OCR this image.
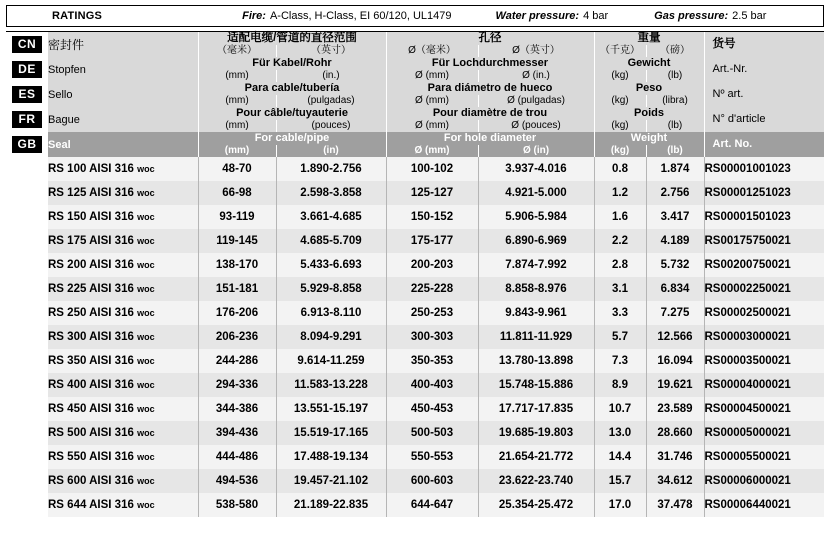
RATINGS	Fire: A-Class, H-Class, EI 60/120, UL1479	Water pressure: 4 bar	Gas pressure: 2.5 bar
CN	密封件	适配电缆/管道的直径范围		孔径		重量		货号
		（毫米）	（英寸）	Ø（毫米）	Ø（英寸）	（千克）	（磅）	
DE	Stopfen	Für Kabel/Rohr		Für Lochdurchmesser		Gewicht		Art.-Nr.
		(mm)	(in.)	Ø (mm)	Ø (in.)	(kg)	(lb)	
ES	Sello	Para cable/tubería		Para diámetro de hueco		Peso		Nº art.
		(mm)	(pulgadas)	Ø (mm)	Ø (pulgadas)	(kg)	(libra)	
FR	Bague	Pour câble/tuyauterie		Pour diamètre de trou		Poids		N° d'article
		(mm)	(pouces)	Ø (mm)	Ø (pouces)	(kg)	(lb)	
GB	Seal	For cable/pipe		For hole diameter		Weight		Art. No.
		(mm)	(in)	Ø (mm)	Ø (in)	(kg)	(lb)	
	RS 100 AISI 316 woc	48-70	1.890-2.756	100-102	3.937-4.016	0.8	1.874	RS00001001023
	RS 125 AISI 316 woc	66-98	2.598-3.858	125-127	4.921-5.000	1.2	2.756	RS00001251023
	RS 150 AISI 316 woc	93-119	3.661-4.685	150-152	5.906-5.984	1.6	3.417	RS00001501023
	RS 175 AISI 316 woc	119-145	4.685-5.709	175-177	6.890-6.969	2.2	4.189	RS00175750021
	RS 200 AISI 316 woc	138-170	5.433-6.693	200-203	7.874-7.992	2.8	5.732	RS00200750021
	RS 225 AISI 316 woc	151-181	5.929-8.858	225-228	8.858-8.976	3.1	6.834	RS00002250021
	RS 250 AISI 316 woc	176-206	6.913-8.110	250-253	9.843-9.961	3.3	7.275	RS00002500021
	RS 300 AISI 316 woc	206-236	8.094-9.291	300-303	11.811-11.929	5.7	12.566	RS00003000021
	RS 350 AISI 316 woc	244-286	9.614-11.259	350-353	13.780-13.898	7.3	16.094	RS00003500021
	RS 400 AISI 316 woc	294-336	11.583-13.228	400-403	15.748-15.886	8.9	19.621	RS00004000021
	RS 450 AISI 316 woc	344-386	13.551-15.197	450-453	17.717-17.835	10.7	23.589	RS00004500021
	RS 500 AISI 316 woc	394-436	15.519-17.165	500-503	19.685-19.803	13.0	28.660	RS00005000021
	RS 550 AISI 316 woc	444-486	17.488-19.134	550-553	21.654-21.772	14.4	31.746	RS00005500021
	RS 600 AISI 316 woc	494-536	19.457-21.102	600-603	23.622-23.740	15.7	34.612	RS00006000021
	RS 644 AISI 316 woc	538-580	21.189-22.835	644-647	25.354-25.472	17.0	37.478	RS00006440021
